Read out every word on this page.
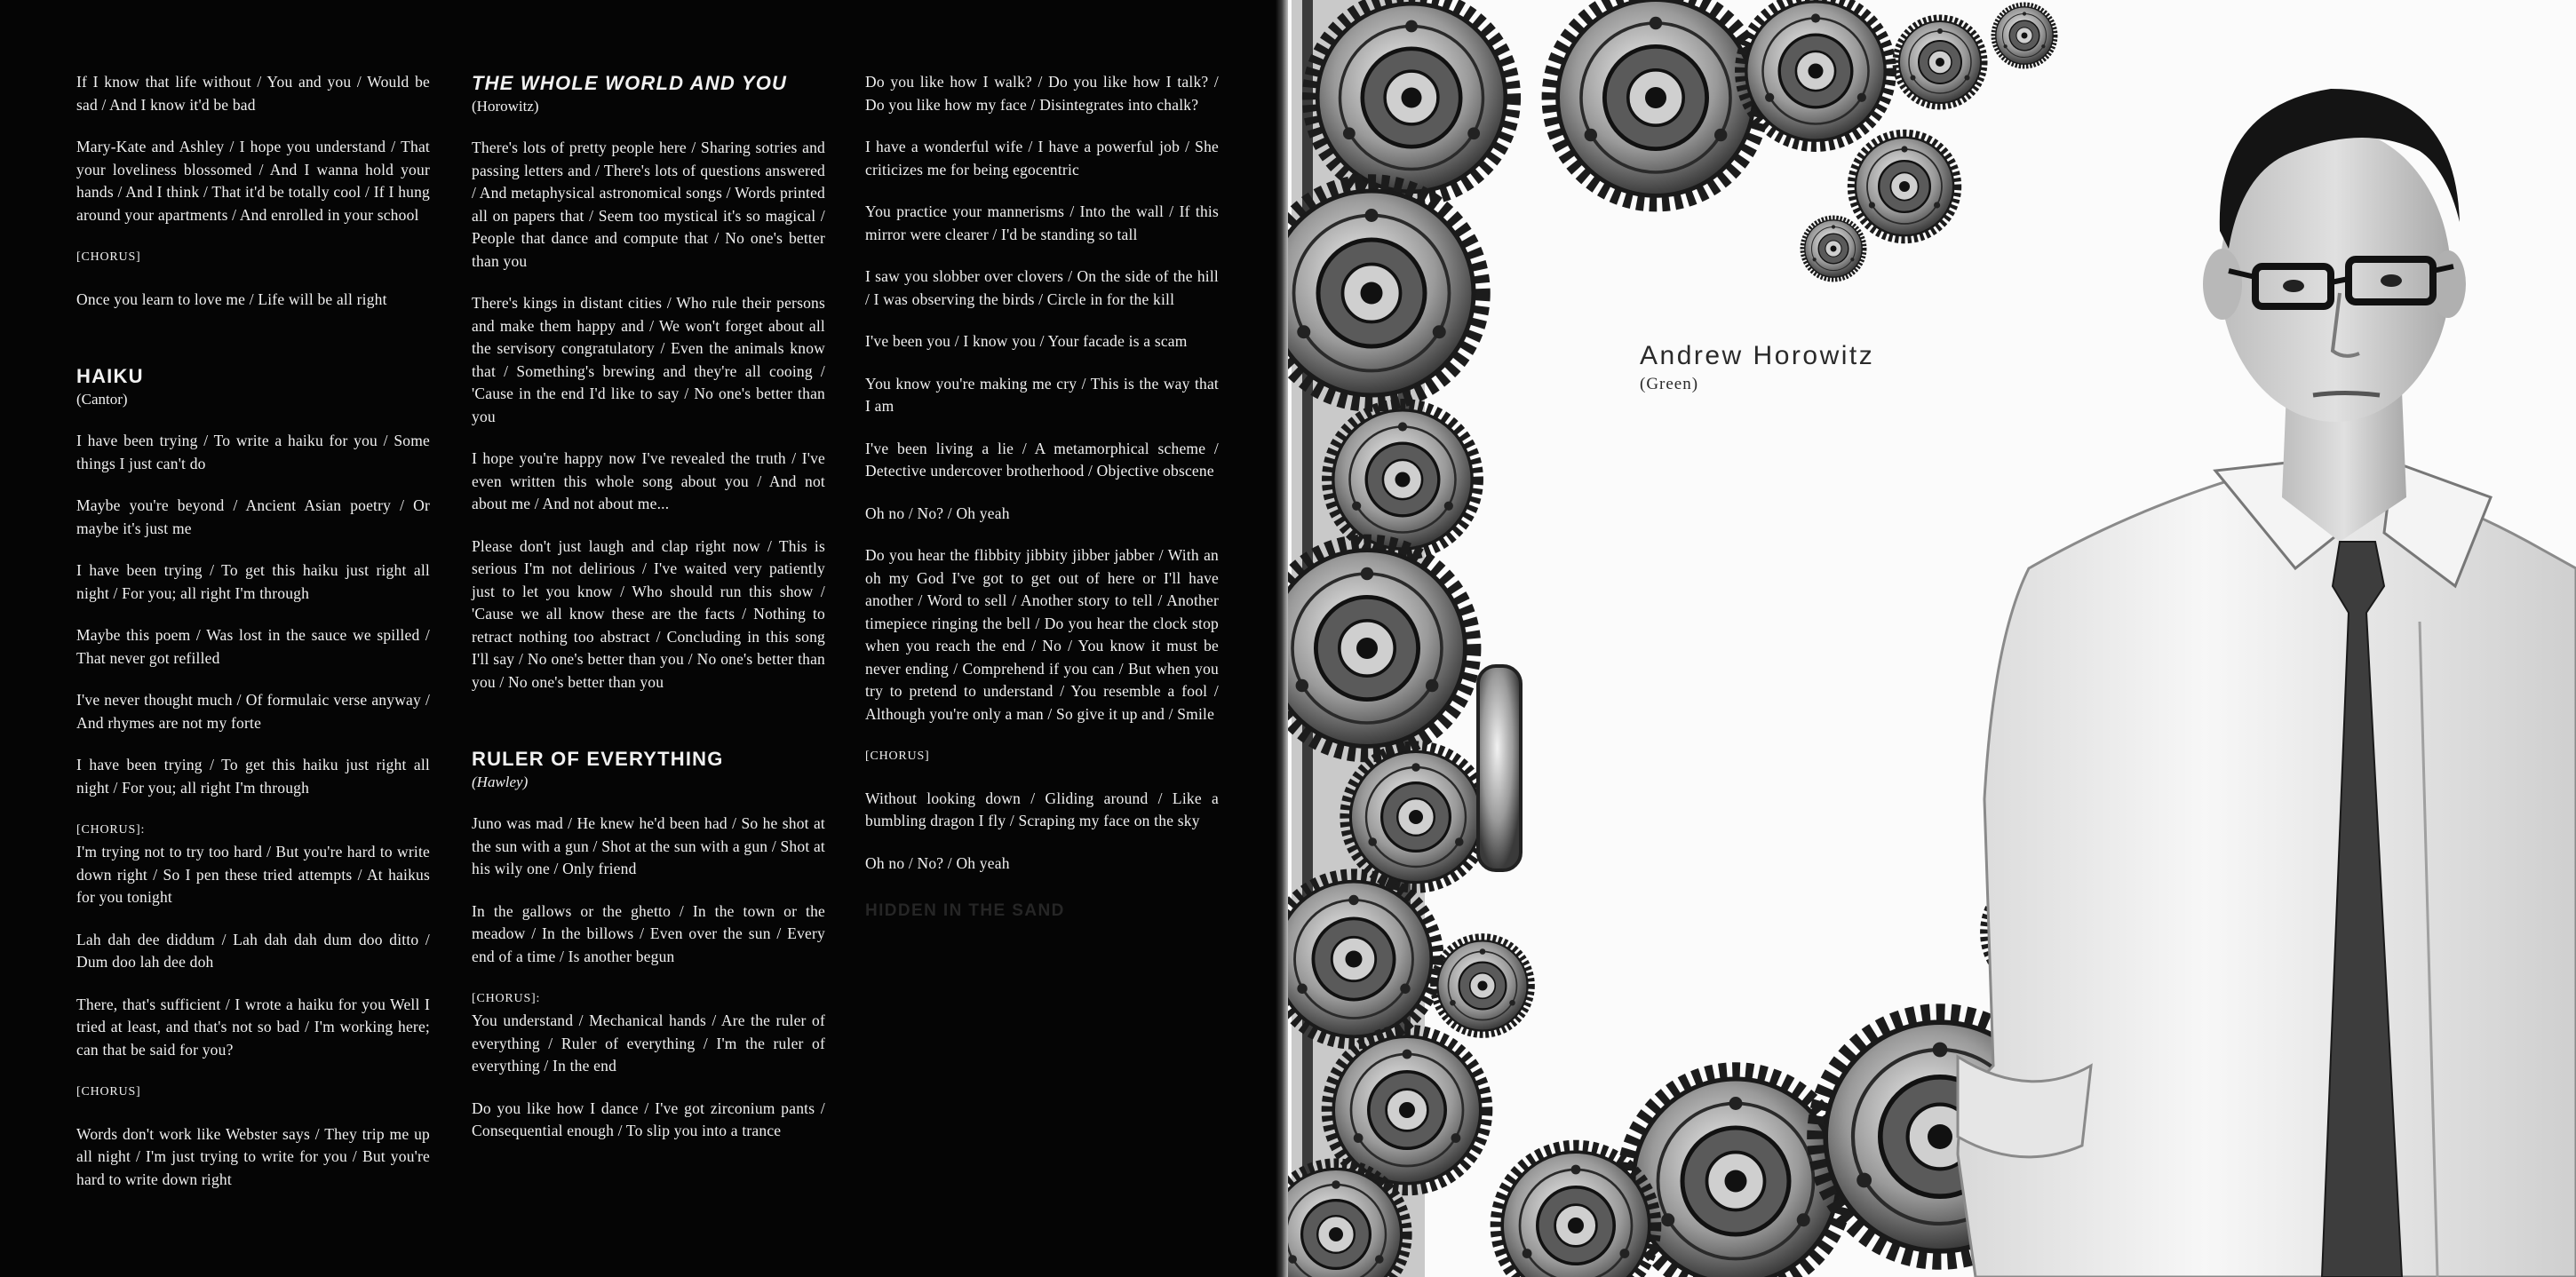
If I know that life without / You and you / Would be sad / And I know it'd be bad

Mary-Kate and Ashley / I hope you understand / That your loveliness blossomed / And I wanna hold your hands / And I think / That it'd be totally cool / If I hung around your apartments / And enrolled in your school

[CHORUS]

Once you learn to love me / Life will be all right

HAIKU
(Cantor)

I have been trying / To write a haiku for you / Some things I just can't do

Maybe you're beyond / Ancient Asian poetry / Or maybe it's just me

I have been trying / To get this haiku just right all night / For you; all right I'm through

Maybe this poem / Was lost in the sauce we spilled / That never got refilled

I've never thought much / Of formulaic verse anyway / And rhymes are not my forte

I have been trying / To get this haiku just right all night / For you; all right I'm through

[CHORUS]:
I'm trying not to try too hard / But you're hard to write down right / So I pen these tried attempts / At haikus for you tonight

Lah dah dee diddum / Lah dah dah dum doo ditto / Dum doo lah dee doh

There, that's sufficient / I wrote a haiku for you Well I tried at least, and that's not so bad / I'm working here; can that be said for you?

[CHORUS]

Words don't work like Webster says / They trip me up all night / I'm just trying to write for you / But you're hard to write down right

THE WHOLE WORLD AND YOU
(Horowitz)

There's lots of pretty people here / Sharing sotries and passing letters and / There's lots of questions answered / And metaphysical astronomical songs / Words printed all on papers that / Seem too mystical it's so magical / People that dance and compute that / No one's better than you

There's kings in distant cities / Who rule their persons and make them happy and / We won't forget about all the servisory congratulatory / Even the animals know that / Something's brewing and they're all cooing / 'Cause in the end I'd like to say / No one's better than you

I hope you're happy now I've revealed the truth / I've even written this whole song about you / And not about me / And not about me...

Please don't just laugh and clap right now / This is serious I'm not delirious / I've waited very patiently just to let you know / Who should run this show / 'Cause we all know these are the facts / Nothing to retract nothing too abstract / Concluding in this song I'll say / No one's better than you / No one's better than you / No one's better than you

RULER OF EVERYTHING
(Hawley)

Juno was mad / He knew he'd been had / So he shot at the sun with a gun / Shot at the sun with a gun / Shot at his wily one / Only friend

In the gallows or the ghetto / In the town or the meadow / In the billows / Even over the sun / Every end of a time / Is another begun

[CHORUS]:
You understand / Mechanical hands / Are the ruler of everything / Ruler of everything / I'm the ruler of everything / In the end

Do you like how I dance / I've got zirconium pants / Consequential enough / To slip you into a trance

Do you like how I walk? / Do you like how I talk? / Do you like how my face / Disintegrates into chalk?

I have a wonderful wife / I have a powerful job / She criticizes me for being egocentric

You practice your mannerisms / Into the wall / If this mirror were clearer / I'd be standing so tall

I saw you slobber over clovers / On the side of the hill / I was observing the birds / Circle in for the kill

I've been you / I know you / Your facade is a scam

You know you're making me cry / This is the way that I am

I've been living a lie / A metamorphical scheme / Detective undercover brotherhood / Objective obscene

Oh no / No? / Oh yeah

Do you hear the flibbity jibbity jibber jabber / With an oh my God I've got to get out of here or I'll have another / Word to sell / Another story to tell / Another timepiece ringing the bell / Do you hear the clock stop when you reach the end / No / You know it must be never ending / Comprehend if you can / But when you try to pretend to understand / You resemble a fool / Although you're only a man / So give it up and / Smile

[CHORUS]

Without looking down / Gliding around / Like a bumbling dragon I fly / Scraping my face on the sky

Oh no / No? / Oh yeah

HIDDEN IN THE SAND
Andrew Horowitz
(Green)
